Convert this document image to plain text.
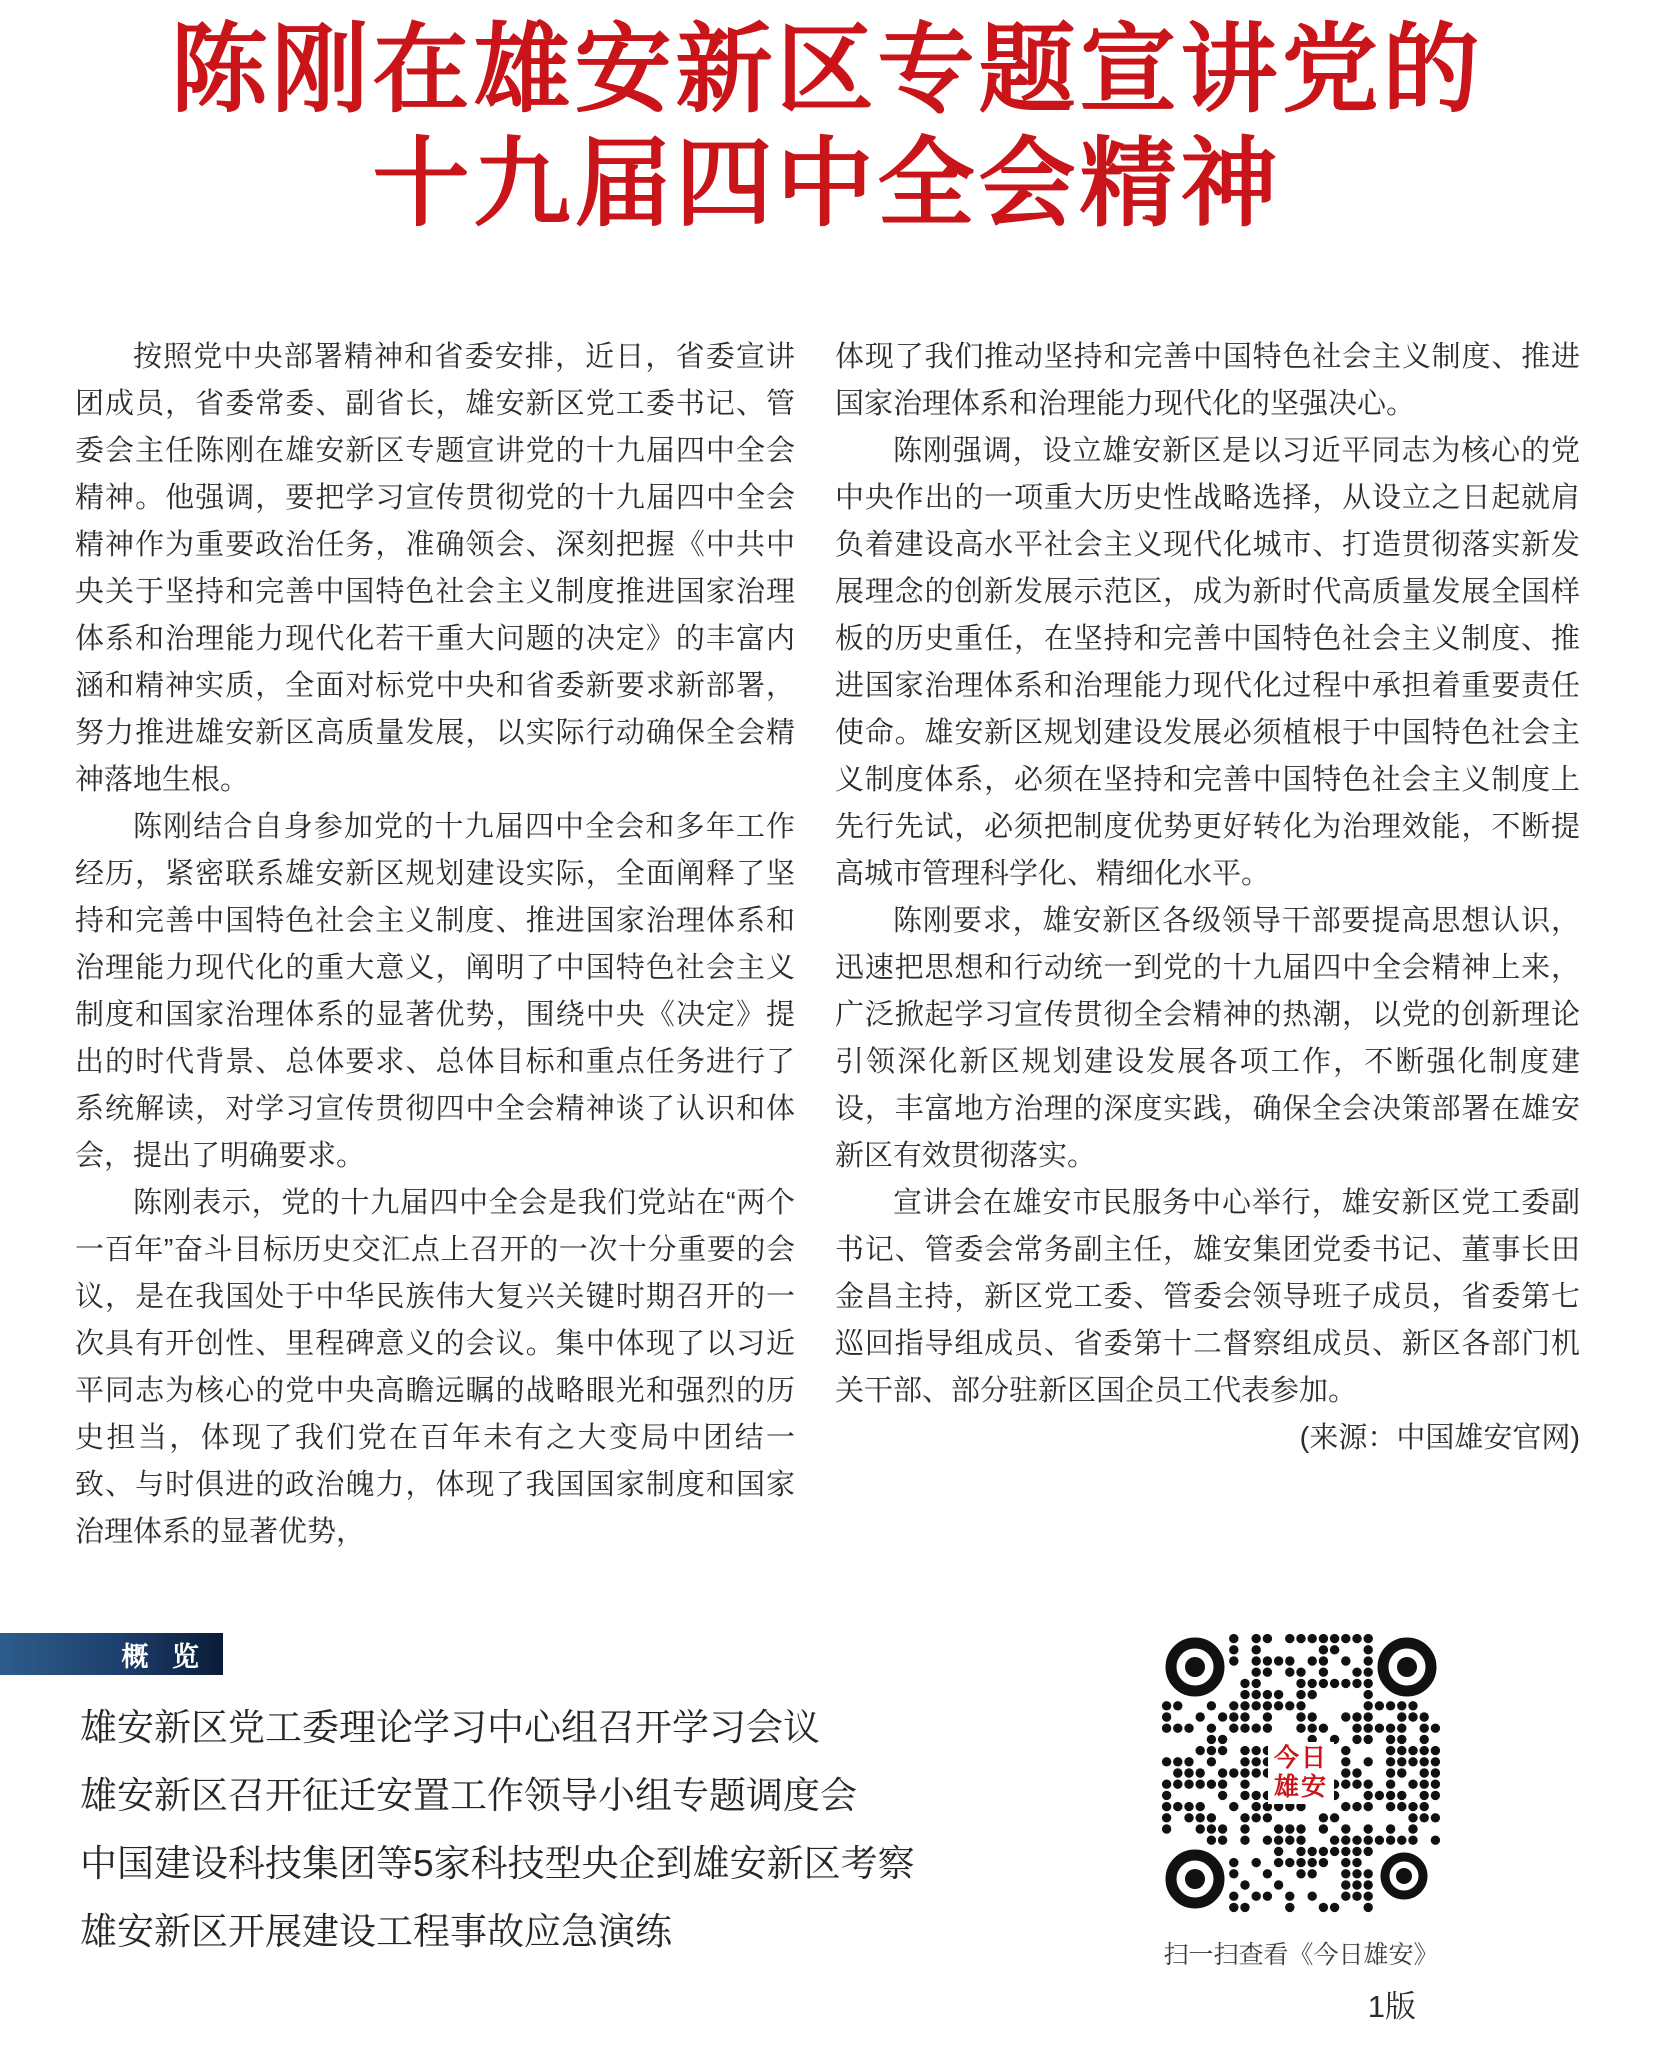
陈刚在雄安新区专题宣讲党的
十九届四中全会精神

按照党中央部署精神和省委安排，近日，省委宣讲团成员，省委常委、副省长，雄安新区党工委书记、管委会主任陈刚在雄安新区专题宣讲党的十九届四中全会精神。他强调，要把学习宣传贯彻党的十九届四中全会精神作为重要政治任务，准确领会、深刻把握《中共中央关于坚持和完善中国特色社会主义制度推进国家治理体系和治理能力现代化若干重大问题的决定》的丰富内涵和精神实质，全面对标党中央和省委新要求新部署，努力推进雄安新区高质量发展，以实际行动确保全会精神落地生根。

陈刚结合自身参加党的十九届四中全会和多年工作经历，紧密联系雄安新区规划建设实际，全面阐释了坚持和完善中国特色社会主义制度、推进国家治理体系和治理能力现代化的重大意义，阐明了中国特色社会主义制度和国家治理体系的显著优势，围绕中央《决定》提出的时代背景、总体要求、总体目标和重点任务进行了系统解读，对学习宣传贯彻四中全会精神谈了认识和体会，提出了明确要求。

陈刚表示，党的十九届四中全会是我们党站在“两个一百年”奋斗目标历史交汇点上召开的一次十分重要的会议，是在我国处于中华民族伟大复兴关键时期召开的一次具有开创性、里程碑意义的会议。集中体现了以习近平同志为核心的党中央高瞻远瞩的战略眼光和强烈的历史担当，体现了我们党在百年未有之大变局中团结一致、与时俱进的政治魄力，体现了我国国家制度和国家治理体系的显著优势，

体现了我们推动坚持和完善中国特色社会主义制度、推进国家治理体系和治理能力现代化的坚强决心。

陈刚强调，设立雄安新区是以习近平同志为核心的党中央作出的一项重大历史性战略选择，从设立之日起就肩负着建设高水平社会主义现代化城市、打造贯彻落实新发展理念的创新发展示范区，成为新时代高质量发展全国样板的历史重任，在坚持和完善中国特色社会主义制度、推进国家治理体系和治理能力现代化过程中承担着重要责任使命。雄安新区规划建设发展必须植根于中国特色社会主义制度体系，必须在坚持和完善中国特色社会主义制度上先行先试，必须把制度优势更好转化为治理效能，不断提高城市管理科学化、精细化水平。

陈刚要求，雄安新区各级领导干部要提高思想认识，迅速把思想和行动统一到党的十九届四中全会精神上来，广泛掀起学习宣传贯彻全会精神的热潮，以党的创新理论引领深化新区规划建设发展各项工作，不断强化制度建设，丰富地方治理的深度实践，确保全会决策部署在雄安新区有效贯彻落实。

宣讲会在雄安市民服务中心举行，雄安新区党工委副书记、管委会常务副主任，雄安集团党委书记、董事长田金昌主持，新区党工委、管委会领导班子成员，省委第七巡回指导组成员、省委第十二督察组成员、新区各部门机关干部、部分驻新区国企员工代表参加。

(来源：中国雄安官网)

概 览
雄安新区党工委理论学习中心组召开学习会议
雄安新区召开征迁安置工作领导小组专题调度会
中国建设科技集团等5家科技型央企到雄安新区考察
雄安新区开展建设工程事故应急演练
今日雄安
扫一扫查看《今日雄安》
1版
